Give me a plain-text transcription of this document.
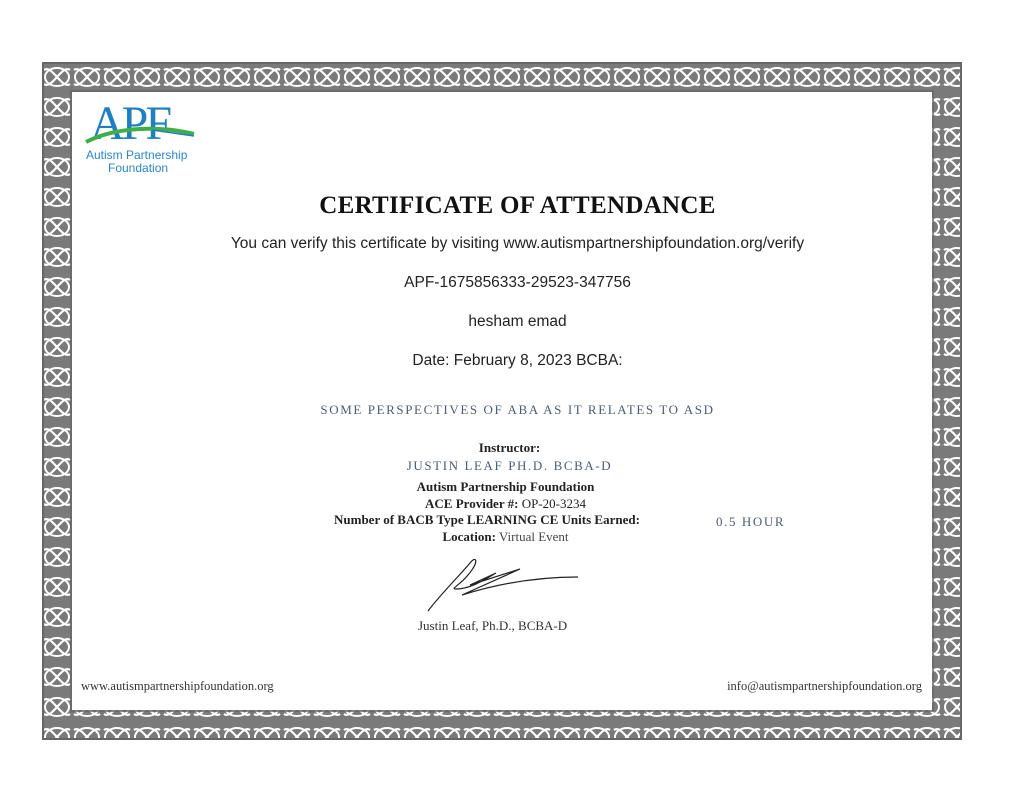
APF
Autism Partnership
Foundation
CERTIFICATE OF ATTENDANCE
You can verify this certificate by visiting www.autismpartnershipfoundation.org/verify
APF-1675856333-29523-347756
hesham emad
Date: February 8, 2023 BCBA:
SOME PERSPECTIVES OF ABA AS IT RELATES TO ASD
Instructor:
JUSTIN LEAF PH.D. BCBA-D
Autism Partnership Foundation
ACE Provider #: OP-20-3234
Number of BACB Type LEARNING CE Units Earned:	0.5 HOUR
Location: Virtual Event
Justin Leaf, Ph.D., BCBA-D
www.autismpartnershipfoundation.org	info@autismpartnershipfoundation.org
